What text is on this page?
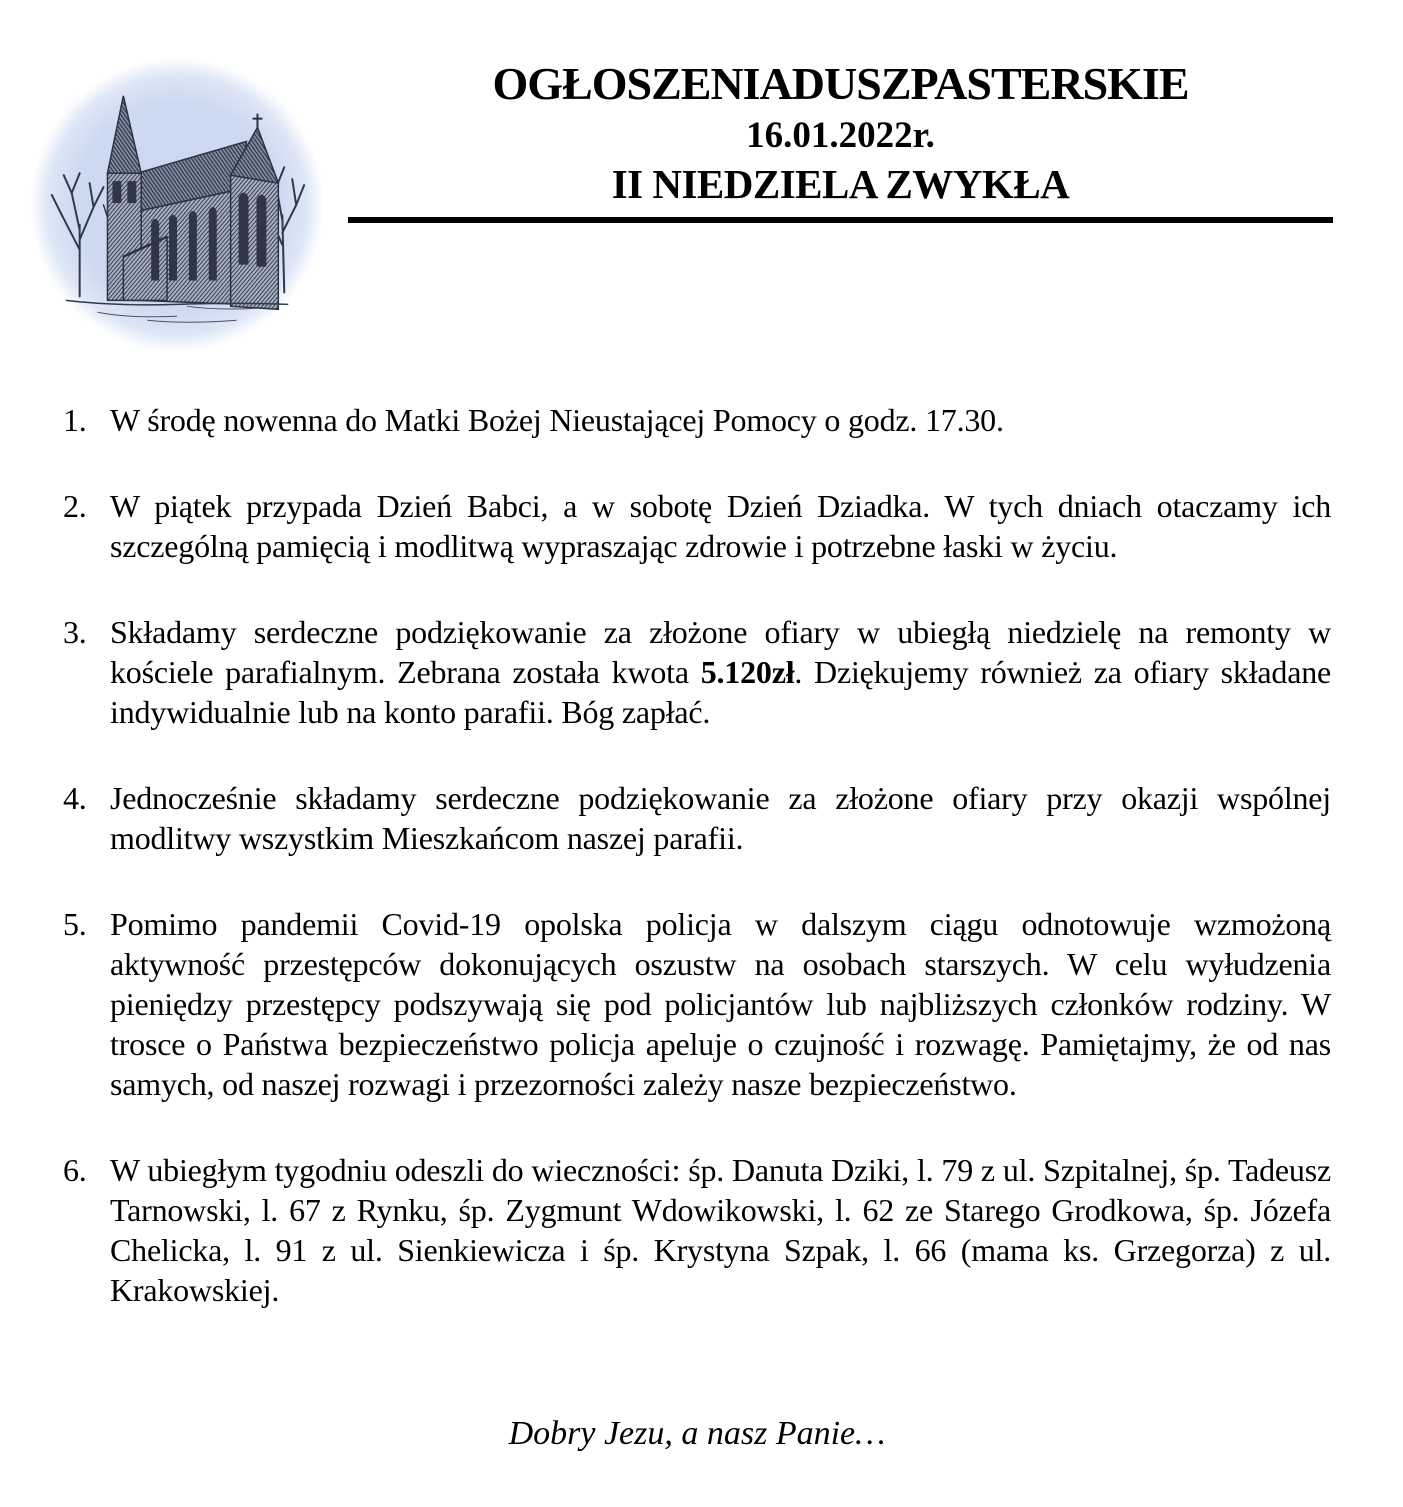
OGŁOSZENIADUSZPASTERSKIE
16.01.2022r.
II NIEDZIELA ZWYKŁA
1. W środę nowenna do Matki Bożej Nieustającej Pomocy o godz. 17.30.
2. W piątek przypada Dzień Babci, a w sobotę Dzień Dziadka. W tych dniach otaczamy ich szczególną pamięcią i modlitwą wypraszając zdrowie i potrzebne łaski w życiu.
3. Składamy serdeczne podziękowanie za złożone ofiary w ubiegłą niedzielę na remonty w kościele parafialnym. Zebrana została kwota 5.120zł. Dziękujemy również za ofiary składane indywidualnie lub na konto parafii. Bóg zapłać.
4. Jednocześnie składamy serdeczne podziękowanie za złożone ofiary przy okazji wspólnej modlitwy wszystkim Mieszkańcom naszej parafii.
5. Pomimo pandemii Covid-19 opolska policja w dalszym ciągu odnotowuje wzmożoną aktywność przestępców dokonujących oszustw na osobach starszych. W celu wyłudzenia pieniędzy przestępcy podszywają się pod policjantów lub najbliższych członków rodziny. W trosce o Państwa bezpieczeństwo policja apeluje o czujność i rozwagę. Pamiętajmy, że od nas samych, od naszej rozwagi i przezorności zależy nasze bezpieczeństwo.
6. W ubiegłym tygodniu odeszli do wieczności: śp. Danuta Dziki, l. 79 z ul. Szpitalnej, śp. Tadeusz Tarnowski, l. 67 z Rynku, śp. Zygmunt Wdowikowski, l. 62 ze Starego Grodkowa, śp. Józefa Chelicka, l. 91 z ul. Sienkiewicza i śp. Krystyna Szpak, l. 66 (mama ks. Grzegorza) z ul. Krakowskiej.
Dobry Jezu, a nasz Panie…
